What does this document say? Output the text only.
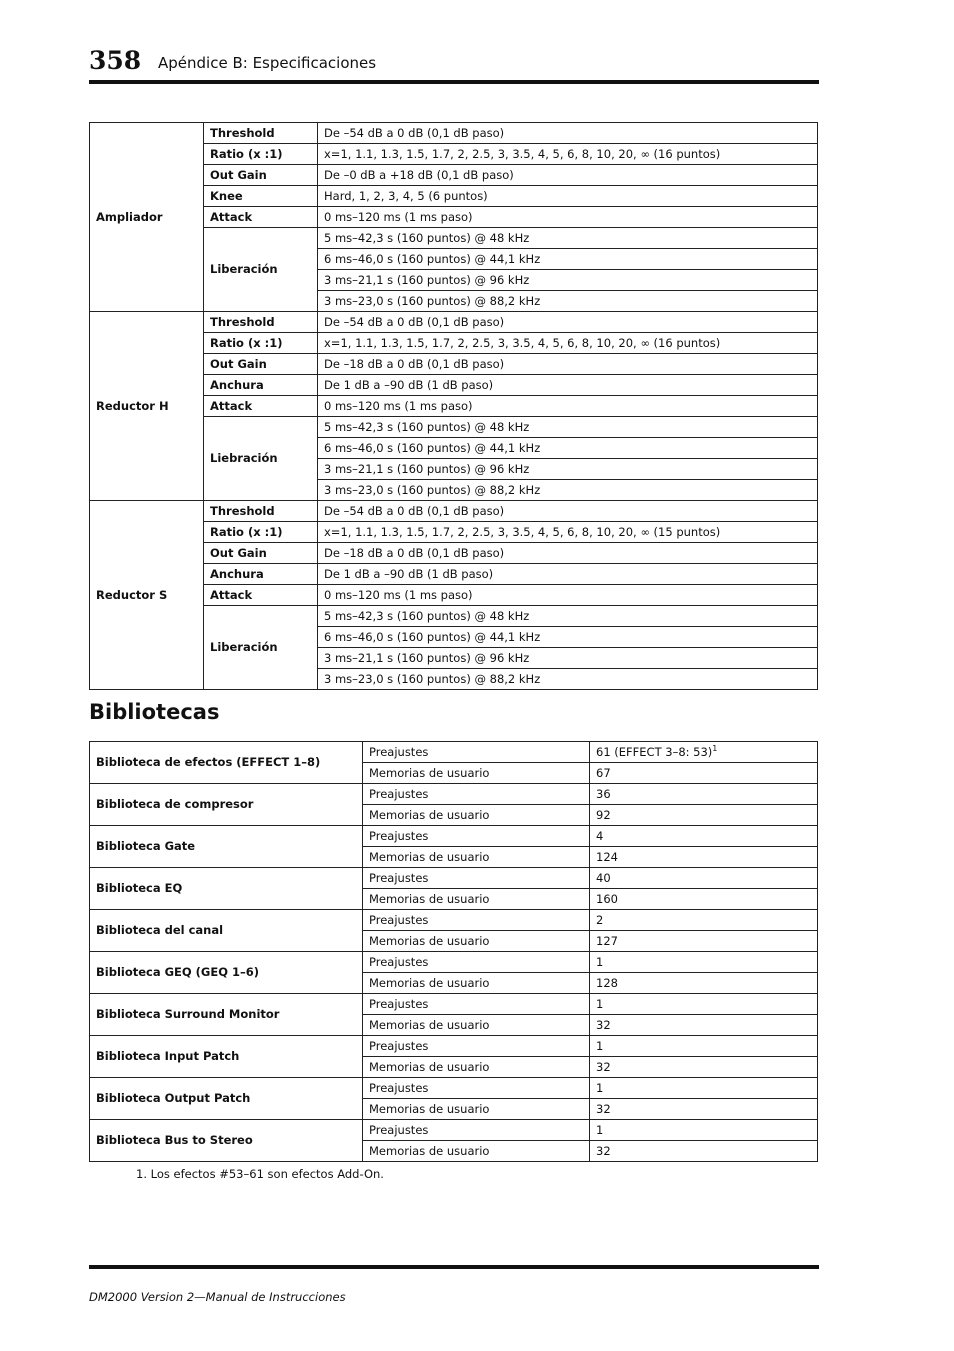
358 Apéndice B: Especificaciones
Ampliador	Threshold	De –54 dB a 0 dB (0,1 dB paso)
	Ratio (x :1)	x=1, 1.1, 1.3, 1.5, 1.7, 2, 2.5, 3, 3.5, 4, 5, 6, 8, 10, 20, ∞ (16 puntos)
	Out Gain	De –0 dB a +18 dB (0,1 dB paso)
	Knee	Hard, 1, 2, 3, 4, 5 (6 puntos)
	Attack	0 ms–120 ms (1 ms paso)
	Liberación	5 ms–42,3 s (160 puntos) @ 48 kHz
		6 ms–46,0 s (160 puntos) @ 44,1 kHz
		3 ms–21,1 s (160 puntos) @ 96 kHz
		3 ms–23,0 s (160 puntos) @ 88,2 kHz
Reductor H	Threshold	De –54 dB a 0 dB (0,1 dB paso)
	Ratio (x :1)	x=1, 1.1, 1.3, 1.5, 1.7, 2, 2.5, 3, 3.5, 4, 5, 6, 8, 10, 20, ∞ (16 puntos)
	Out Gain	De –18 dB a 0 dB (0,1 dB paso)
	Anchura	De 1 dB a –90 dB (1 dB paso)
	Attack	0 ms–120 ms (1 ms paso)
	Liebración	5 ms–42,3 s (160 puntos) @ 48 kHz
		6 ms–46,0 s (160 puntos) @ 44,1 kHz
		3 ms–21,1 s (160 puntos) @ 96 kHz
		3 ms–23,0 s (160 puntos) @ 88,2 kHz
Reductor S	Threshold	De –54 dB a 0 dB (0,1 dB paso)
	Ratio (x :1)	x=1, 1.1, 1.3, 1.5, 1.7, 2, 2.5, 3, 3.5, 4, 5, 6, 8, 10, 20, ∞ (15 puntos)
	Out Gain	De –18 dB a 0 dB (0,1 dB paso)
	Anchura	De 1 dB a –90 dB (1 dB paso)
	Attack	0 ms–120 ms (1 ms paso)
	Liberación	5 ms–42,3 s (160 puntos) @ 48 kHz
		6 ms–46,0 s (160 puntos) @ 44,1 kHz
		3 ms–21,1 s (160 puntos) @ 96 kHz
		3 ms–23,0 s (160 puntos) @ 88,2 kHz
Bibliotecas
Biblioteca de efectos (EFFECT 1–8)	Preajustes	61 (EFFECT 3–8: 53)$^1$
	Memorias de usuario	67
Biblioteca de compresor	Preajustes	36
	Memorias de usuario	92
Biblioteca Gate	Preajustes	4
	Memorias de usuario	124
Biblioteca EQ	Preajustes	40
	Memorias de usuario	160
Biblioteca del canal	Preajustes	2
	Memorias de usuario	127
Biblioteca GEQ (GEQ 1–6)	Preajustes	1
	Memorias de usuario	128
Biblioteca Surround Monitor	Preajustes	1
	Memorias de usuario	32
Biblioteca Input Patch	Preajustes	1
	Memorias de usuario	32
Biblioteca Output Patch	Preajustes	1
	Memorias de usuario	32
Biblioteca Bus to Stereo	Preajustes	1
	Memorias de usuario	32
1. Los efectos #53–61 son efectos Add-On.
DM2000 Version 2—Manual de Instrucciones
